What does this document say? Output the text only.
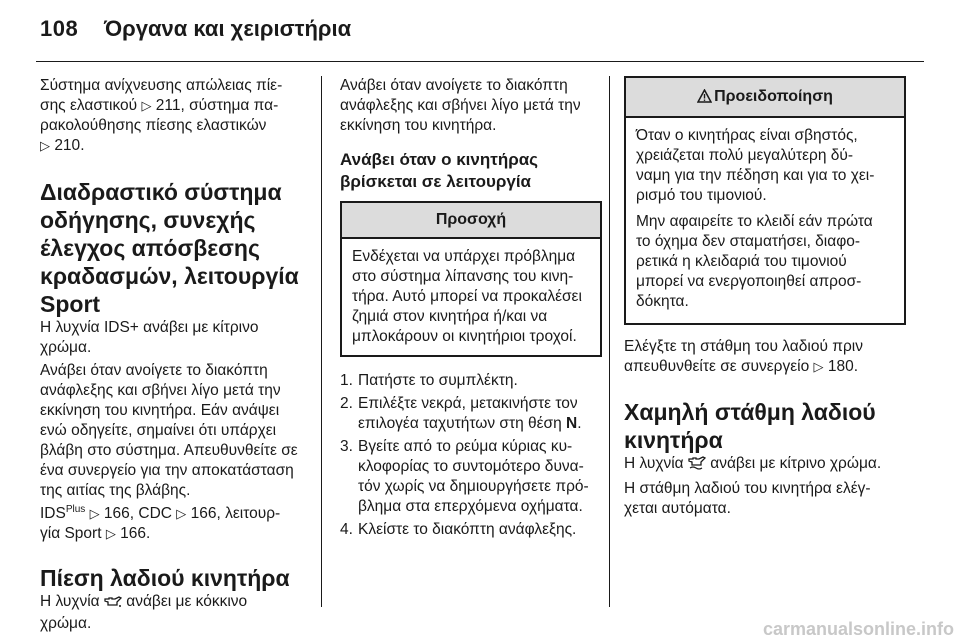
108 Όργανα και χειριστήρια

Σύστημα ανίχνευσης απώλειας πίε-
σης ελαστικού ▷ 211, σύστημα πα-
ρακολούθησης πίεσης ελαστικών
▷ 210.

Διαδραστικό σύστημα
οδήγησης, συνεχής
έλεγχος απόσβεσης
κραδασμών, λειτουργία
Sport

Η λυχνία IDS+ ανάβει με κίτρινο
χρώμα.

Ανάβει όταν ανοίγετε το διακόπτη
ανάφλεξης και σβήνει λίγο μετά την
εκκίνηση του κινητήρα. Εάν ανάψει
ενώ οδηγείτε, σημαίνει ότι υπάρχει
βλάβη στο σύστημα. Απευθυνθείτε σε
ένα συνεργείο για την αποκατάσταση
της αιτίας της βλάβης.

$IDS^{Plus}$ ▷ 166, CDC ▷ 166, λειτουρ-
γία Sport ▷ 166.

Πίεση λαδιού κινητήρα

Η λυχνία  ανάβει με κόκκινο
χρώμα.

Ανάβει όταν ανοίγετε το διακόπτη
ανάφλεξης και σβήνει λίγο μετά την
εκκίνηση του κινητήρα.

Ανάβει όταν ο κινητήρας
βρίσκεται σε λειτουργία
Προσοχή
Ενδέχεται να υπάρχει πρόβλημα
στο σύστημα λίπανσης του κινη-
τήρα. Αυτό μπορεί να προκαλέσει
ζημιά στον κινητήρα ή/και να
μπλοκάρουν οι κινητήριοι τροχοί.
1. Πατήστε το συμπλέκτη.
2. Επιλέξτε νεκρά, μετακινήστε τον
επιλογέα ταχυτήτων στη θέση N.
3. Βγείτε από το ρεύμα κύριας κυ-
κλοφορίας το συντομότερο δυνα-
τόν χωρίς να δημιουργήσετε πρό-
βλημα στα επερχόμενα οχήματα.
4. Κλείστε το διακόπτη ανάφλεξης.
Προειδοποίηση

Όταν ο κινητήρας είναι σβηστός,
χρειάζεται πολύ μεγαλύτερη δύ-
ναμη για την πέδηση και για το χει-
ρισμό του τιμονιού.

Μην αφαιρείτε το κλειδί εάν πρώτα
το όχημα δεν σταματήσει, διαφο-
ρετικά η κλειδαριά του τιμονιού
μπορεί να ενεργοποιηθεί απροσ-
δόκητα.

Ελέγξτε τη στάθμη του λαδιού πριν
απευθυνθείτε σε συνεργείο ▷ 180.

Χαμηλή στάθμη λαδιού
κινητήρα

Η λυχνία  ανάβει με κίτρινο χρώμα.

Η στάθμη λαδιού του κινητήρα ελέγ-
χεται αυτόματα.

carmanualsonline.info
